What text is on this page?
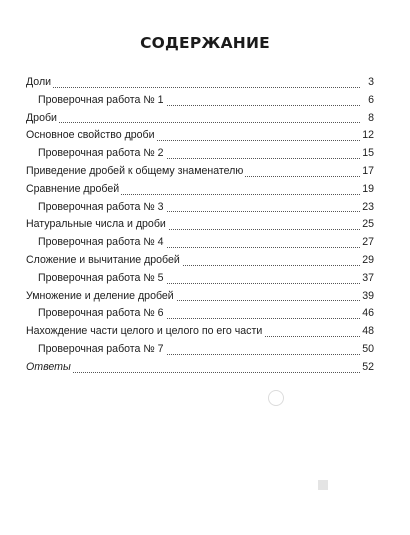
СОДЕРЖАНИЕ
Доли	3
Проверочная работа № 1	6
Дроби	8
Основное свойство дроби	12
Проверочная работа № 2	15
Приведение дробей к общему знаменателю	17
Сравнение дробей	19
Проверочная работа № 3	23
Натуральные числа и дроби	25
Проверочная работа № 4	27
Сложение и вычитание дробей	29
Проверочная работа № 5	37
Умножение и деление дробей	39
Проверочная работа № 6	46
Нахождение части целого и целого по его части	48
Проверочная работа № 7	50
Ответы	52
